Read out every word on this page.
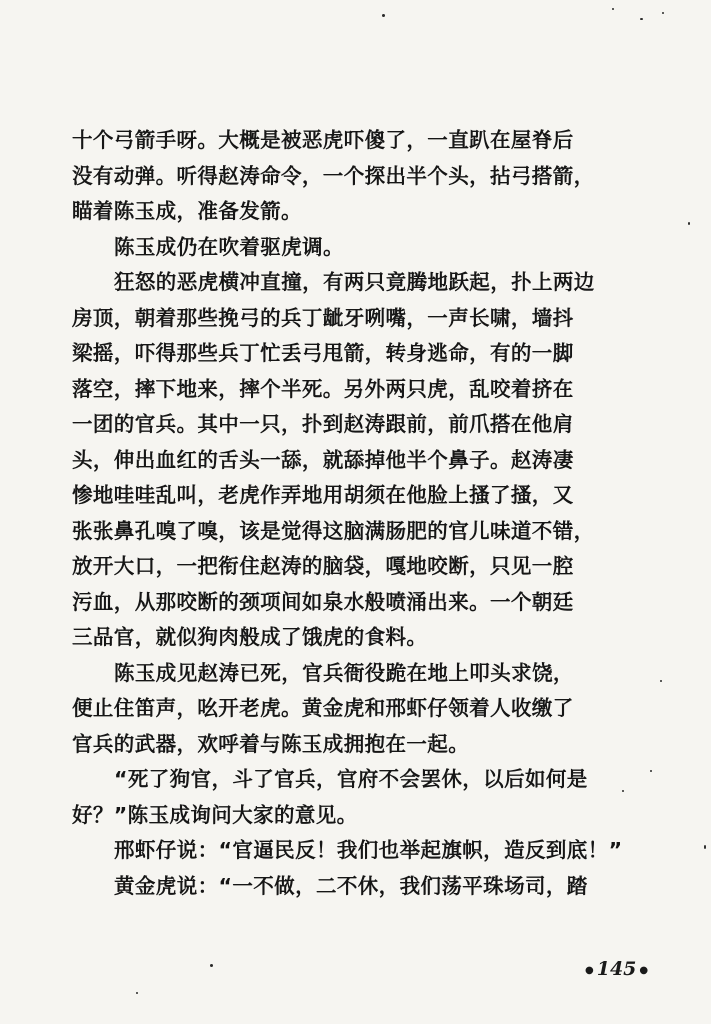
十个弓箭手呀。大概是被恶虎吓傻了，一直趴在屋脊后
没有动弹。听得赵涛命令，一个探出半个头，拈弓搭箭，
瞄着陈玉成，准备发箭。
陈玉成仍在吹着驱虎调。
狂怒的恶虎横冲直撞，有两只竟腾地跃起，扑上两边
房顶，朝着那些挽弓的兵丁龇牙咧嘴，一声长啸，墙抖
梁摇，吓得那些兵丁忙丢弓甩箭，转身逃命，有的一脚
落空，摔下地来，摔个半死。另外两只虎，乱咬着挤在
一团的官兵。其中一只，扑到赵涛跟前，前爪搭在他肩
头，伸出血红的舌头一舔，就舔掉他半个鼻子。赵涛凄
惨地哇哇乱叫，老虎作弄地用胡须在他脸上搔了搔，又
张张鼻孔嗅了嗅，该是觉得这脑满肠肥的官儿味道不错，
放开大口，一把衔住赵涛的脑袋，嘎地咬断，只见一腔
污血，从那咬断的颈项间如泉水般喷涌出来。一个朝廷
三品官，就似狗肉般成了饿虎的食料。
陈玉成见赵涛已死，官兵衙役跪在地上叩头求饶，
便止住笛声，吆开老虎。黄金虎和邢虾仔领着人收缴了
官兵的武器，欢呼着与陈玉成拥抱在一起。
“死了狗官，斗了官兵，官府不会罢休，以后如何是
好？”陈玉成询问大家的意见。
邢虾仔说：“官逼民反！我们也举起旗帜，造反到底！”
黄金虎说：“一不做，二不休，我们荡平珠场司，踏
● 145 ●
